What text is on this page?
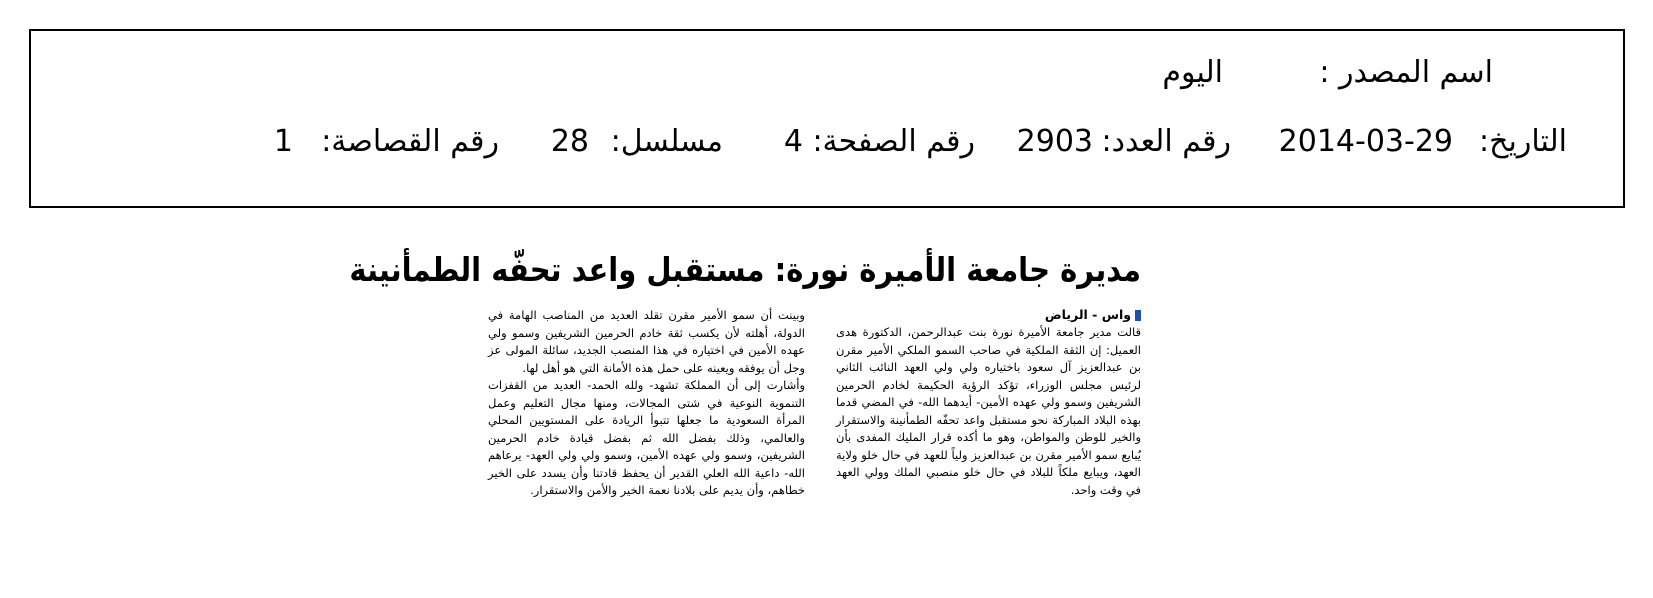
اسم المصدر :
اليوم
التاريخ:
2014-03-29
رقم العدد:
2903
رقم الصفحة:
4
مسلسل:
28
رقم القصاصة:
1
مديرة جامعة الأميرة نورة: مستقبل واعد تحفّه الطمأنينة
واس - الرياض

قالت مدير جامعة الأميرة نورة بنت عبدالرحمن، الدكتورة هدى العميل: إن الثقة الملكية في صاحب السمو الملكي الأمير مقرن بن عبدالعزيز آل سعود باختياره ولي ولي العهد النائب الثاني لرئيس مجلس الوزراء، تؤكد الرؤية الحكيمة لخادم الحرمين الشريفين وسمو ولي عهده الأمين- أيدهما الله- في المضي قدما بهذه البلاد المباركة نحو مستقبل واعد تحفّه الطمأنينة والاستقرار والخير للوطن والمواطن، وهو ما أكده قرار المليك المفدى بأن يُبايع سمو الأمير مقرن بن عبدالعزيز ولياً للعهد في حال خلو ولاية العهد، ويبايع ملكاً للبلاد في حال خلو منصبي الملك وولي العهد في وقت واحد.

وبينت أن سمو الأمير مقرن تقلد العديد من المناصب الهامة في الدولة، أهلته لأن يكسب ثقة خادم الحرمين الشريفين وسمو ولي عهده الأمين في اختياره في هذا المنصب الجديد، سائلة المولى عز وجل أن يوفقه ويعينه على حمل هذه الأمانة التي هو أهل لها.

وأشارت إلى أن المملكة تشهد- ولله الحمد- العديد من القفزات التنموية النوعية في شتى المجالات، ومنها مجال التعليم وعمل المرأة السعودية ما جعلها تتبوأ الريادة على المستويين المحلي والعالمي، وذلك بفضل الله ثم بفضل قيادة خادم الحرمين الشريفين، وسمو ولي عهده الأمين، وسمو ولي ولي العهد- يرعاهم الله- داعية الله العلي القدير أن يحفظ قادتنا وأن يسدد على الخير خطاهم، وأن يديم على بلادنا نعمة الخير والأمن والاستقرار.
